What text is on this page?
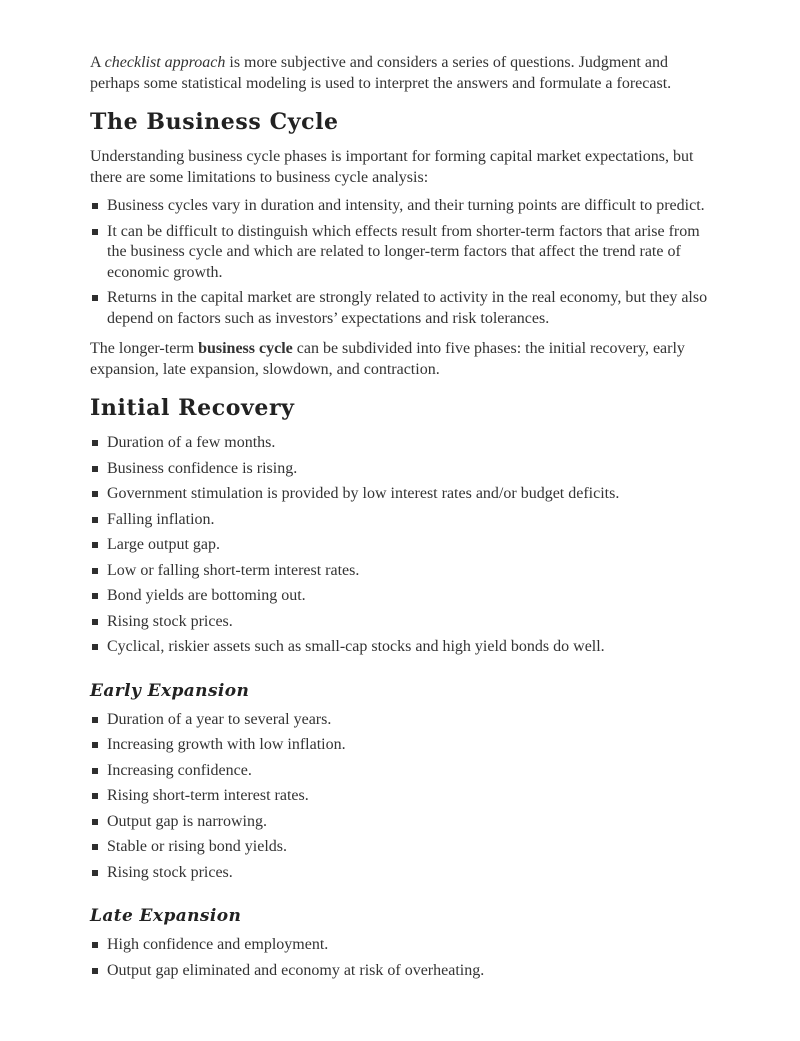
A checklist approach is more subjective and considers a series of questions. Judgment and perhaps some statistical modeling is used to interpret the answers and formulate a forecast.

The Business Cycle

Understanding business cycle phases is important for forming capital market expectations, but there are some limitations to business cycle analysis:

Business cycles vary in duration and intensity, and their turning points are difficult to predict.
It can be difficult to distinguish which effects result from shorter-term factors that arise from the business cycle and which are related to longer-term factors that affect the trend rate of economic growth.
Returns in the capital market are strongly related to activity in the real economy, but they also depend on factors such as investors’ expectations and risk tolerances.

The longer-term business cycle can be subdivided into five phases: the initial recovery, early expansion, late expansion, slowdown, and contraction.

Initial Recovery
Duration of a few months.
Business confidence is rising.
Government stimulation is provided by low interest rates and/or budget deficits.
Falling inflation.
Large output gap.
Low or falling short-term interest rates.
Bond yields are bottoming out.
Rising stock prices.
Cyclical, riskier assets such as small-cap stocks and high yield bonds do well.
Early Expansion
Duration of a year to several years.
Increasing growth with low inflation.
Increasing confidence.
Rising short-term interest rates.
Output gap is narrowing.
Stable or rising bond yields.
Rising stock prices.
Late Expansion
High confidence and employment.
Output gap eliminated and economy at risk of overheating.
